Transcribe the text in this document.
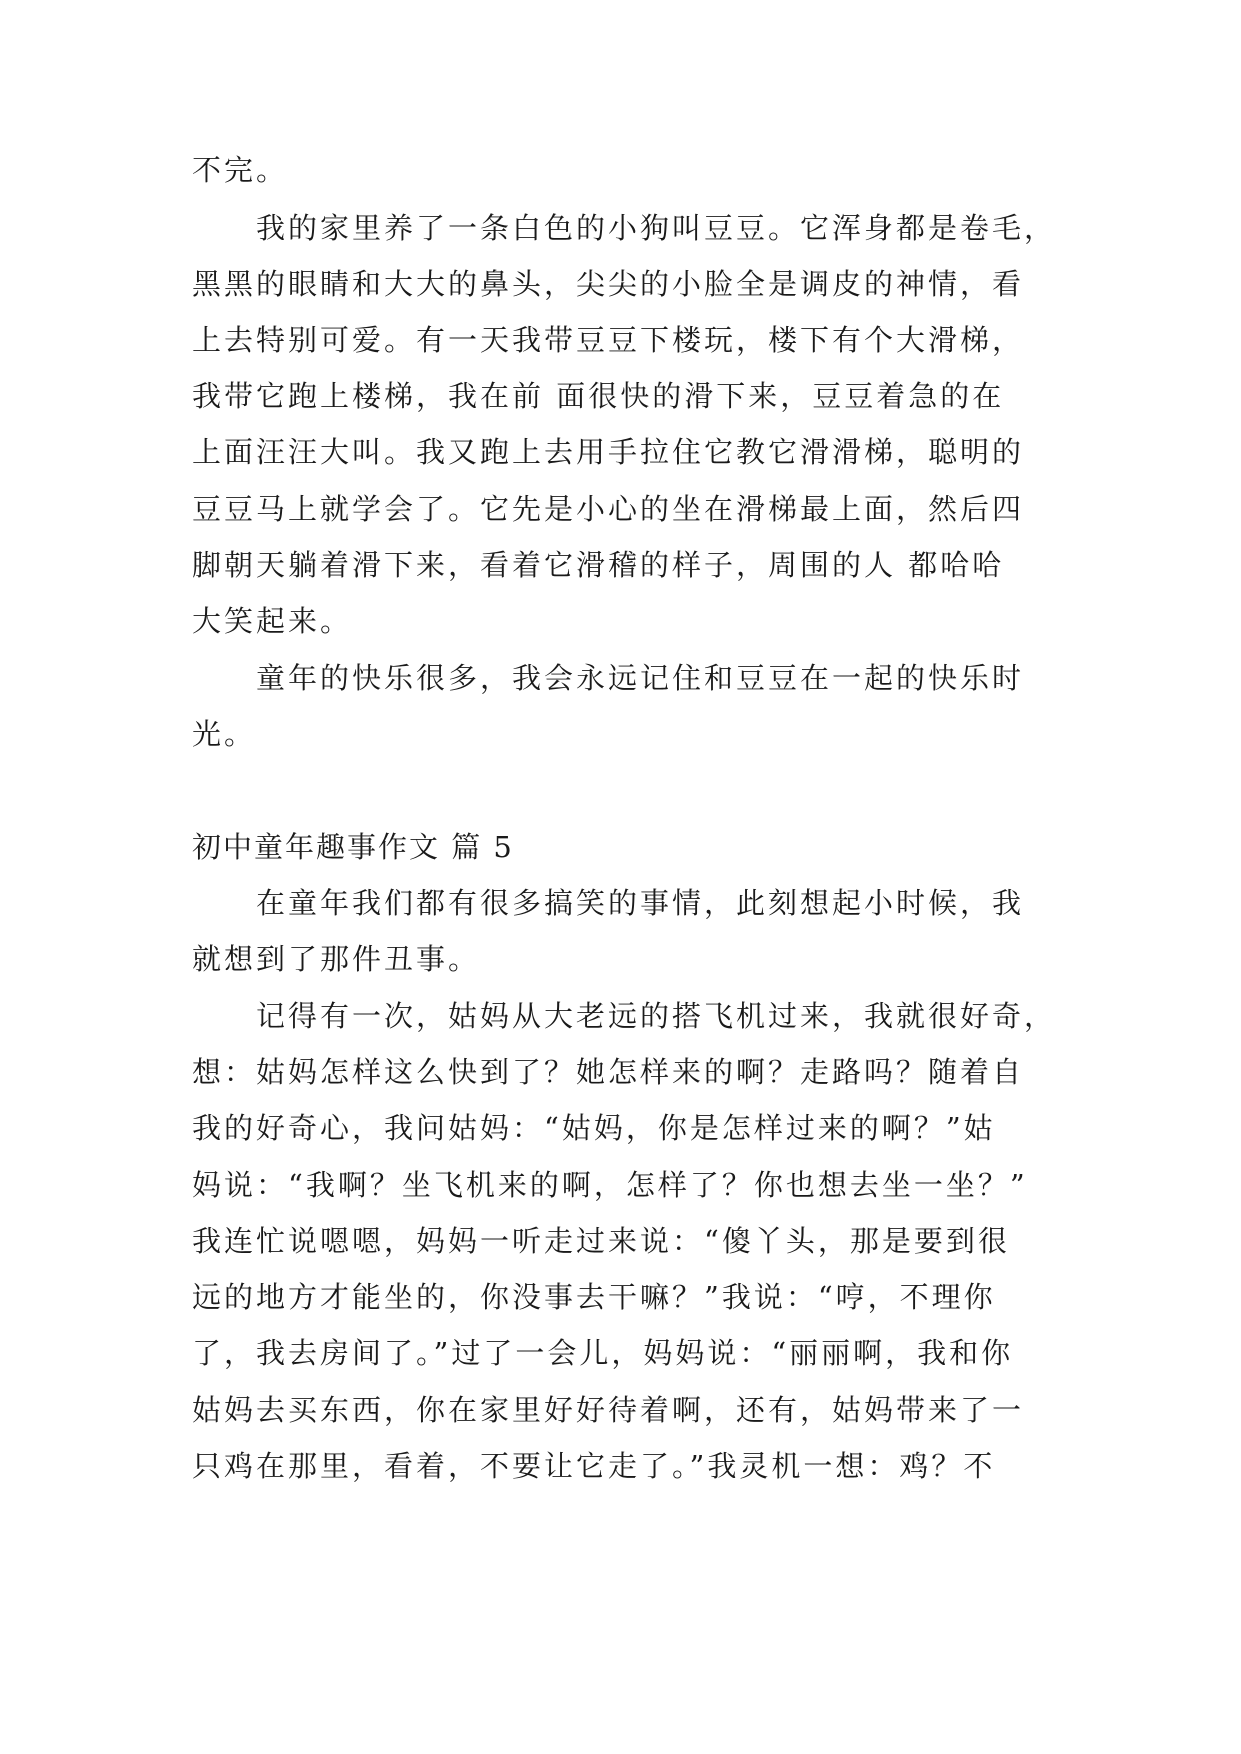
不完。
我的家里养了一条白色的小狗叫豆豆。它浑身都是卷毛，
黑黑的眼睛和大大的鼻头，尖尖的小脸全是调皮的神情，看
上去特别可爱。有一天我带豆豆下楼玩，楼下有个大滑梯，
我带它跑上楼梯，我在前 面很快的滑下来，豆豆着急的在
上面汪汪大叫。我又跑上去用手拉住它教它滑滑梯，聪明的
豆豆马上就学会了。它先是小心的坐在滑梯最上面，然后四
脚朝天躺着滑下来，看着它滑稽的样子，周围的人 都哈哈
大笑起来。
童年的快乐很多，我会永远记住和豆豆在一起的快乐时
光。
初中童年趣事作文 篇 5
在童年我们都有很多搞笑的事情，此刻想起小时候，我
就想到了那件丑事。
记得有一次，姑妈从大老远的搭飞机过来，我就很好奇，
想：姑妈怎样这么快到了？她怎样来的啊？走路吗？随着自
我的好奇心，我问姑妈：“姑妈，你是怎样过来的啊？”姑
妈说：“我啊？坐飞机来的啊，怎样了？你也想去坐一坐？”
我连忙说嗯嗯，妈妈一听走过来说：“傻丫头，那是要到很
远的地方才能坐的，你没事去干嘛？”我说：“哼，不理你
了，我去房间了。”过了一会儿，妈妈说：“丽丽啊，我和你
姑妈去买东西，你在家里好好待着啊，还有，姑妈带来了一
只鸡在那里，看着，不要让它走了。”我灵机一想：鸡？不
